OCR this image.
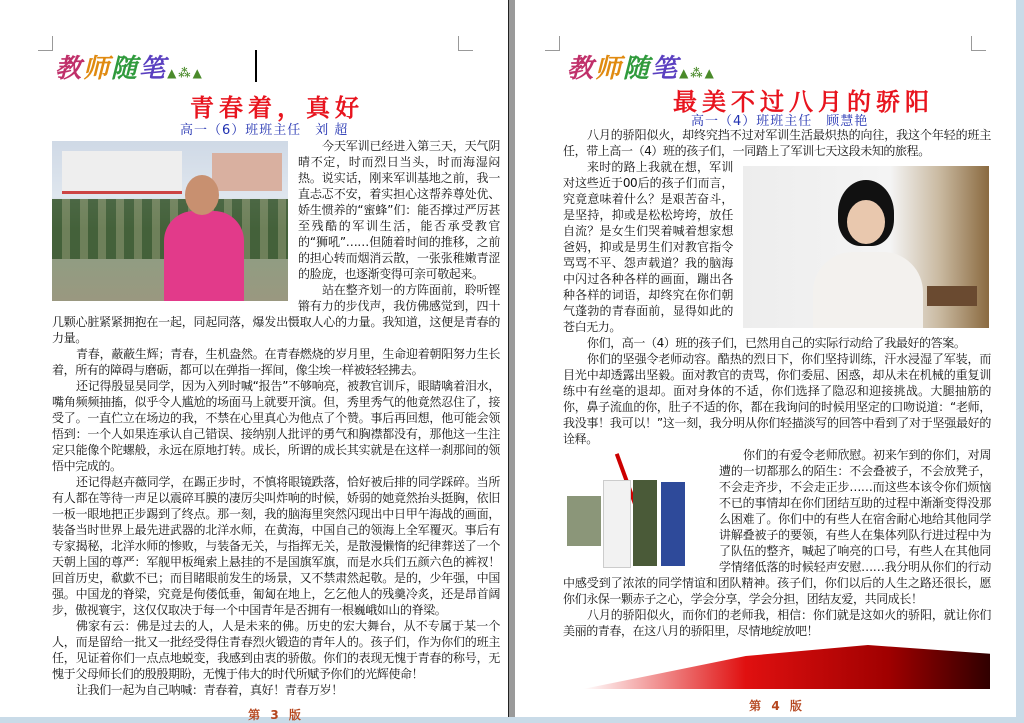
教师随笔▲⁂▲
青春着，真好
高一（6）班班主任　刘 超

今天军训已经进入第三天，天气阴晴不定，时而烈日当头，时而海湿闷热。说实话，刚来军训基地之前，我一直忐忑不安，着实担心这帮养尊处优、娇生惯养的“蜜蜂”们：能否撑过严厉甚至残酷的军训生活，能否承受教官的“狮吼”……但随着时间的推移，之前的担心转而烟消云散，一张张稚嫩青涩的脸庞，也逐渐变得可亲可敬起来。

站在整齐划一的方阵面前，聆听铿锵有力的步伐声，我仿佛感觉到，四十几颗心脏紧紧拥抱在一起，同起同落，爆发出慑取人心的力量。我知道，这便是青春的力量。

青春，蔽蔽生辉；青春，生机盎然。在青春燃烧的岁月里，生命迎着朝阳努力生长着，所有的障碍与磨砺，都可以在弹指一挥间，像尘埃一样被轻轻拂去。

还记得殷显昊同学，因为入列时喊“报告”不够响亮，被教官训斥，眼睛噙着泪水，嘴角频频抽搐，似乎令人尴尬的场面马上就要开演。但，秀里秀气的他竟然忍住了，接受了。一直伫立在场边的我，不禁在心里真心为他点了个赞。事后再回想，他可能会领悟到：一个人如果连承认自己错误、接纳别人批评的勇气和胸襟都没有，那他这一生注定只能像个陀螺般，永远在原地打转。成长，所谓的成长其实就是在这样一刹那间的领悟中完成的。

还记得赵卉薇同学，在踢正步时，不慎将眼镜跌落，恰好被后排的同学踩碎。当所有人都在等待一声足以震碎耳膜的凄厉尖叫炸响的时候，娇弱的她竟然抬头挺胸，依旧一板一眼地把正步踢到了终点。那一刻，我的脑海里突然闪现出中日甲午海战的画面，装备当时世界上最先进武器的北洋水师，在黄海，中国自己的领海上全军覆灭。事后有专家揭秘，北洋水师的惨败，与装备无关，与指挥无关，是散漫懒惰的纪律葬送了一个天朝上国的尊严：军舰甲板绳索上悬挂的不是国旗军旗，而是水兵们五颜六色的裤衩！回首历史，欷歔不已；而目睹眼前发生的场景，又不禁肃然起敬。是的，少年强，中国强。中国龙的脊梁，究竟是佝偻低垂，匍匐在地上，乞乞他人的残羹冷炙，还是昂首阔步，傲视寰宇，这仅仅取决于每一个中国青年是否拥有一根巍峨如山的脊梁。

佛家有云：佛是过去的人，人是未来的佛。历史的宏大舞台，从不专属于某一个人，而是留给一批又一批经受得住青春烈火锻造的青年人的。孩子们，作为你们的班主任，见证着你们一点点地蜕变，我感到由衷的骄傲。你们的表现无愧于青春的称号，无愧于父母师长们的殷殷期盼，无愧于伟大的时代所赋予你们的光辉使命！

让我们一起为自己呐喊：青春着，真好！青春万岁！

第 3 版
教师随笔▲⁂▲
最美不过八月的骄阳
高一（4）班班主任　顾慧艳

八月的骄阳似火，却终究挡不过对军训生活最炽热的向往，我这个年轻的班主任，带上高一（4）班的孩子们，一同踏上了军训七天这段未知的旅程。

来时的路上我就在想，军训对这些近于00后的孩子们而言，究竟意味着什么？是艰苦奋斗，是坚持，抑或是松松垮垮，放任自流？是女生们哭着喊着想家想爸妈，抑或是男生们对教官指令骂骂不平、怨声载道？我的脑海中闪过各种各样的画面，蹦出各种各样的词语，却终究在你们朝气蓬勃的青春面前，显得如此的苍白无力。

你们，高一（4）班的孩子们，已然用自己的实际行动给了我最好的答案。

你们的坚强令老师动容。酷热的烈日下，你们坚持训练，汗水浸湿了军装，而目光中却透露出坚毅。面对教官的责骂，你们委屈、困惑，却从未在机械的重复训练中有丝毫的退却。面对身体的不适，你们选择了隐忍和迎接挑战。大腿抽筋的你，鼻子流血的你，肚子不适的你，都在我询问的时候用坚定的口吻说道：“老师，我没事！我可以！”这一刻，我分明从你们轻描淡写的回答中看到了对于坚强最好的诠释。

你们的有爱令老师欣慰。初来乍到的你们，对周遭的一切都那么的陌生：不会叠被子，不会放凳子，不会走齐步，不会走正步……而这些本该令你们烦恼不已的事情却在你们团结互助的过程中渐渐变得没那么困难了。你们中的有些人在宿舍耐心地给其他同学讲解叠被子的要领，有些人在集体列队行进过程中为了队伍的整齐，喊起了响亮的口号，有些人在其他同学情绪低落的时候轻声安慰……我分明从你们的行动中感受到了浓浓的同学情谊和团队精神。孩子们，你们以后的人生之路还很长，愿你们永保一颗赤子之心，学会分享，学会分担，团结友爱，共同成长！

八月的骄阳似火，而你们的老师我，相信：你们就是这如火的骄阳，就让你们美丽的青春，在这八月的骄阳里，尽情地绽放吧！

第 4 版
